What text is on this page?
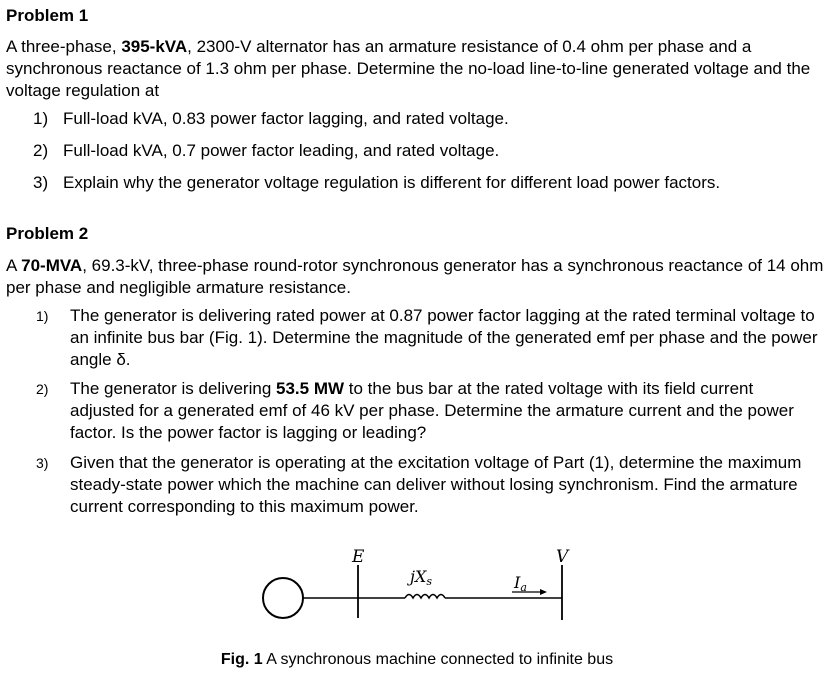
Problem 1

A three-phase, 395-kVA, 2300-V alternator has an armature resistance of 0.4 ohm per phase and a synchronous reactance of 1.3 ohm per phase. Determine the no-load line-to-line generated voltage and the voltage regulation at

1) Full-load kVA, 0.83 power factor lagging, and rated voltage.
2) Full-load kVA, 0.7 power factor leading, and rated voltage.
3) Explain why the generator voltage regulation is different for different load power factors.
Problem 2

A 70-MVA, 69.3-kV, three-phase round-rotor synchronous generator has a synchronous reactance of 14 ohm per phase and negligible armature resistance.

1) The generator is delivering rated power at 0.87 power factor lagging at the rated terminal voltage to an infinite bus bar (Fig. 1). Determine the magnitude of the generated emf per phase and the power angle δ.
2) The generator is delivering 53.5 MW to the bus bar at the rated voltage with its field current adjusted for a generated emf of 46 kV per phase. Determine the armature current and the power factor. Is the power factor is lagging or leading?
3) Given that the generator is operating at the excitation voltage of Part (1), determine the maximum steady-state power which the machine can deliver without losing synchronism. Find the armature current corresponding to this maximum power.
E	V
jXs	Ia
Fig. 1 A synchronous machine connected to infinite bus
